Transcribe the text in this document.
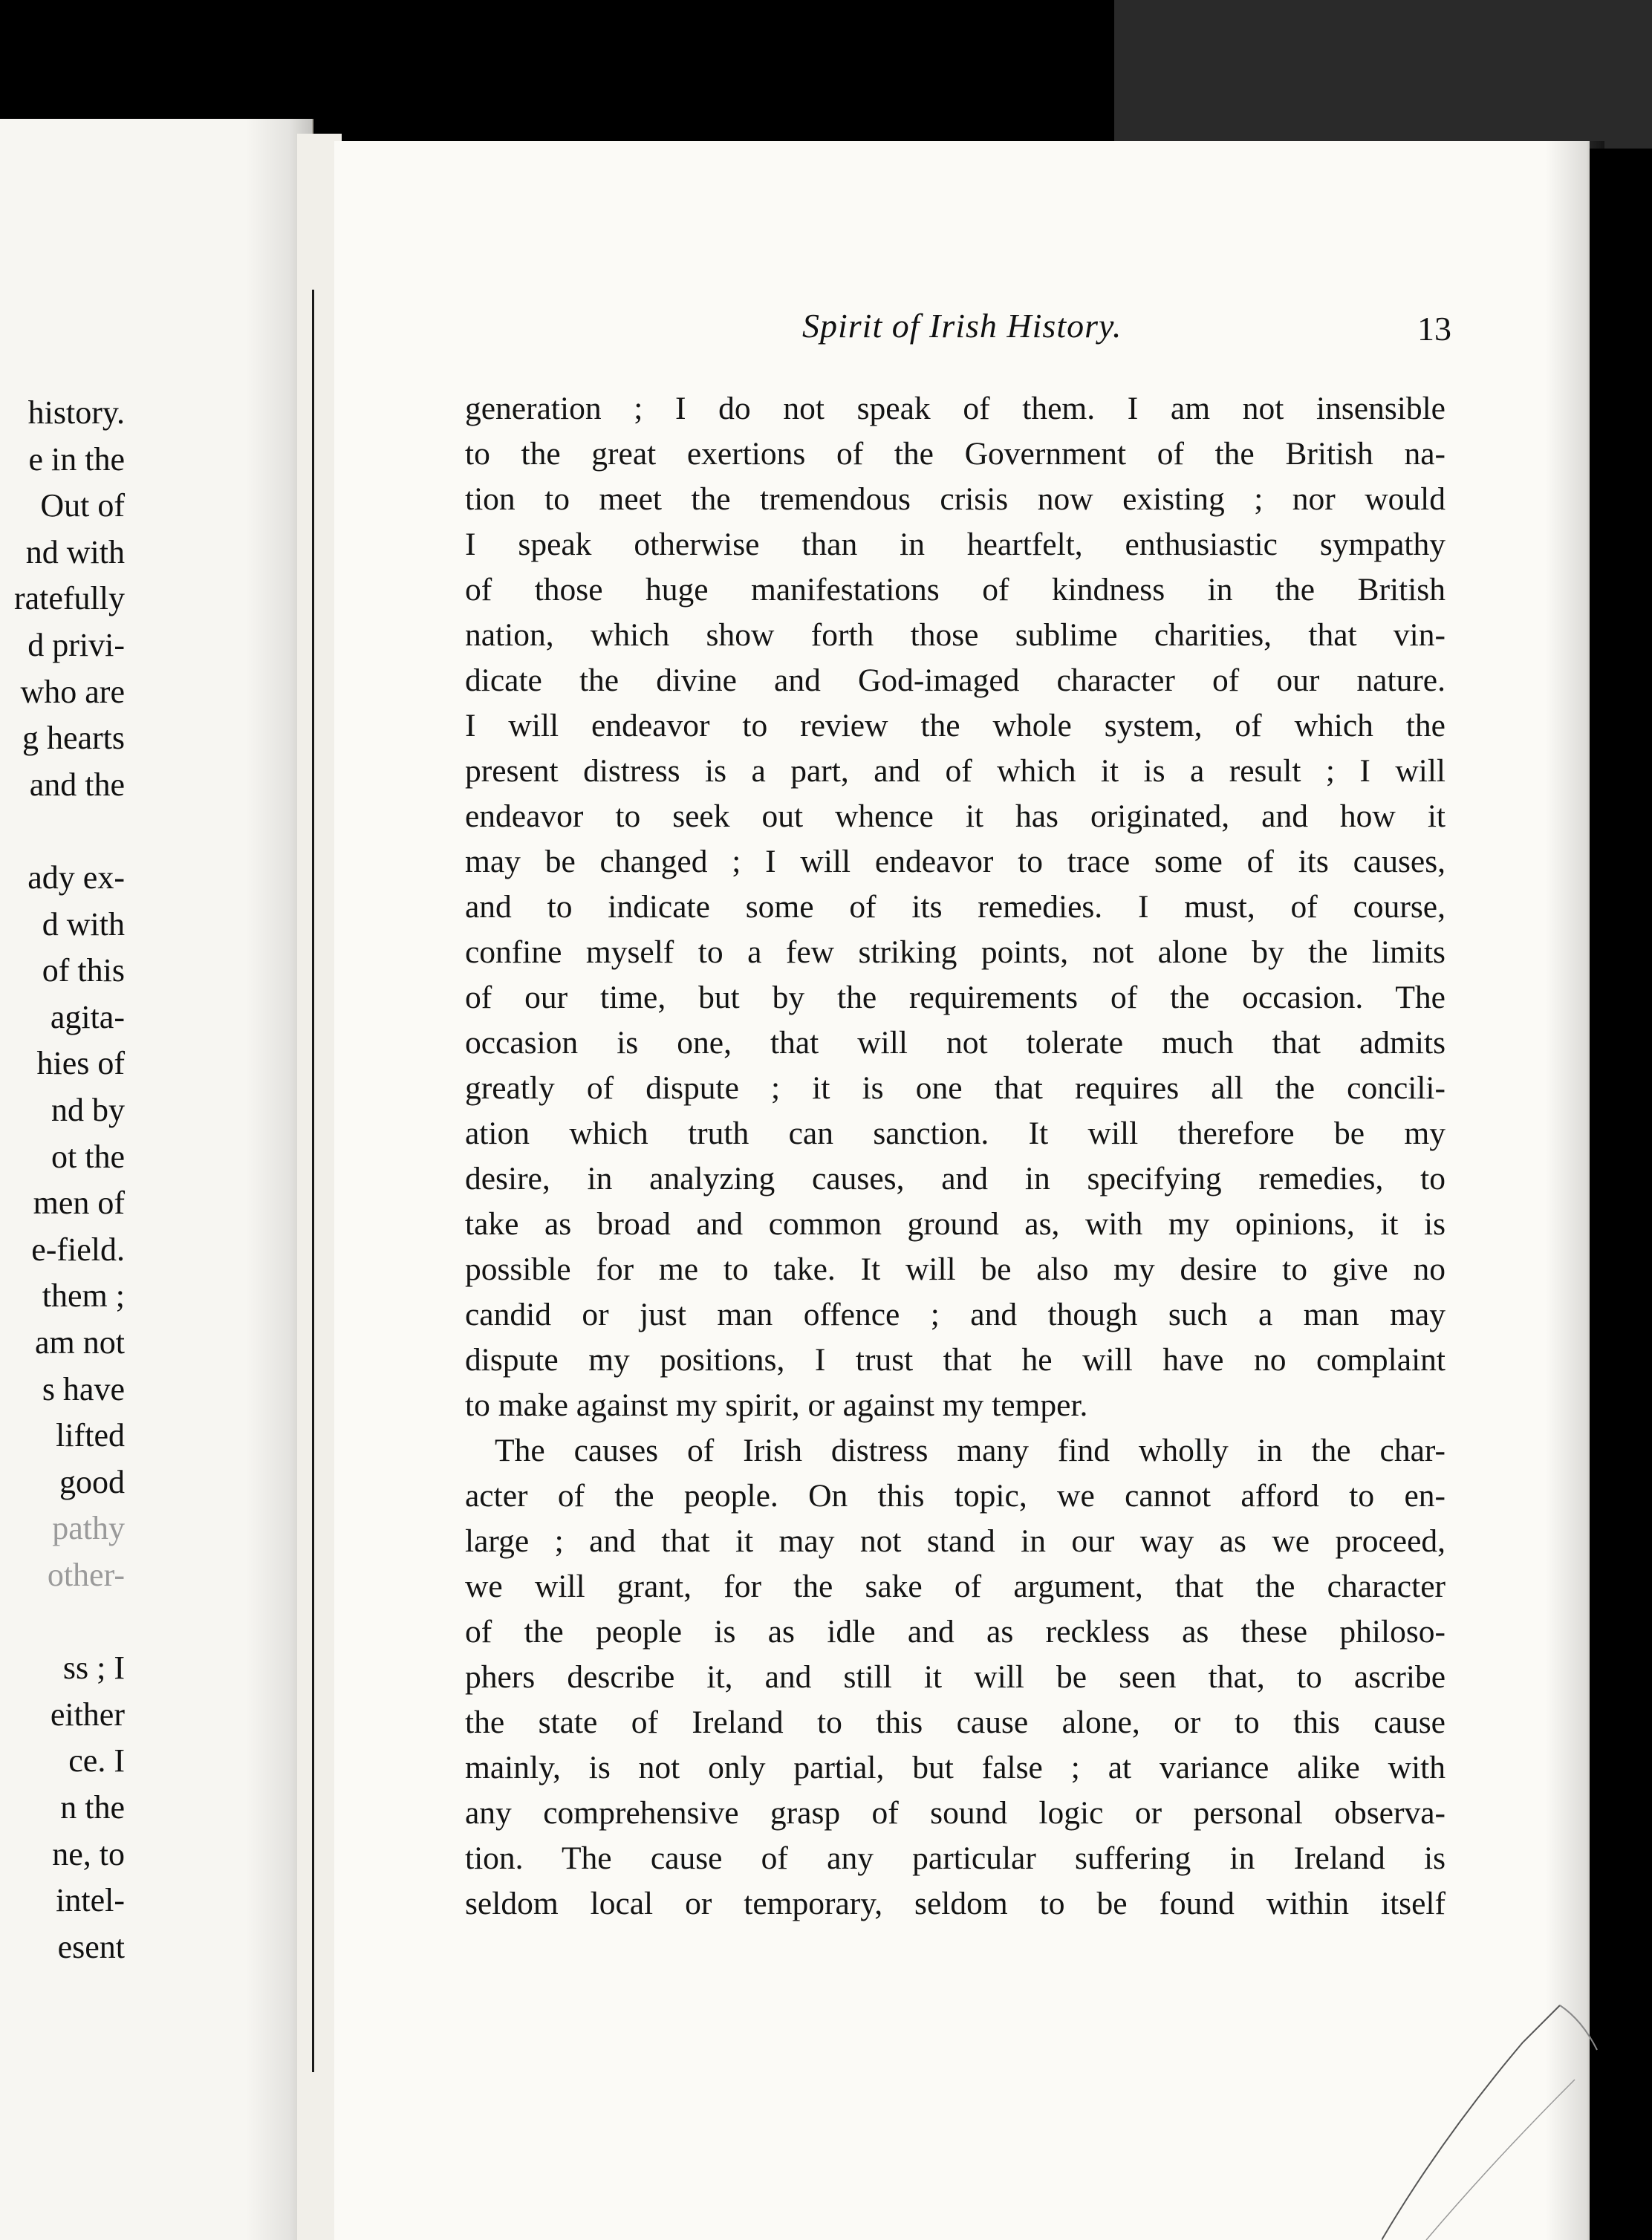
history.
e in the
Out of
nd with
ratefully
d privi-
who are
g hearts
and the
ady ex-
d with
of this
agita-
hies of
nd by
ot the
men of
e-field.
them ;
am not
s have
lifted
good
pathy
other-
ss ; I
either
ce. I
n the
ne, to
intel-
esent
Spirit of Irish History.	13
generation ; I do not speak of them. I am not insensible
to the great exertions of the Government of the British na-
tion to meet the tremendous crisis now existing ; nor would
I speak otherwise than in heartfelt, enthusiastic sympathy
of those huge manifestations of kindness in the British
nation, which show forth those sublime charities, that vin-
dicate the divine and God-imaged character of our nature.
I will endeavor to review the whole system, of which the
present distress is a part, and of which it is a result ; I will
endeavor to seek out whence it has originated, and how it
may be changed ; I will endeavor to trace some of its causes,
and to indicate some of its remedies. I must, of course,
confine myself to a few striking points, not alone by the limits
of our time, but by the requirements of the occasion. The
occasion is one, that will not tolerate much that admits
greatly of dispute ; it is one that requires all the concili-
ation which truth can sanction. It will therefore be my
desire, in analyzing causes, and in specifying remedies, to
take as broad and common ground as, with my opinions, it is
possible for me to take. It will be also my desire to give no
candid or just man offence ; and though such a man may
dispute my positions, I trust that he will have no complaint
to make against my spirit, or against my temper.
The causes of Irish distress many find wholly in the char-
acter of the people. On this topic, we cannot afford to en-
large ; and that it may not stand in our way as we proceed,
we will grant, for the sake of argument, that the character
of the people is as idle and as reckless as these philoso-
phers describe it, and still it will be seen that, to ascribe
the state of Ireland to this cause alone, or to this cause
mainly, is not only partial, but false ; at variance alike with
any comprehensive grasp of sound logic or personal observa-
tion. The cause of any particular suffering in Ireland is
seldom local or temporary, seldom to be found within itself
